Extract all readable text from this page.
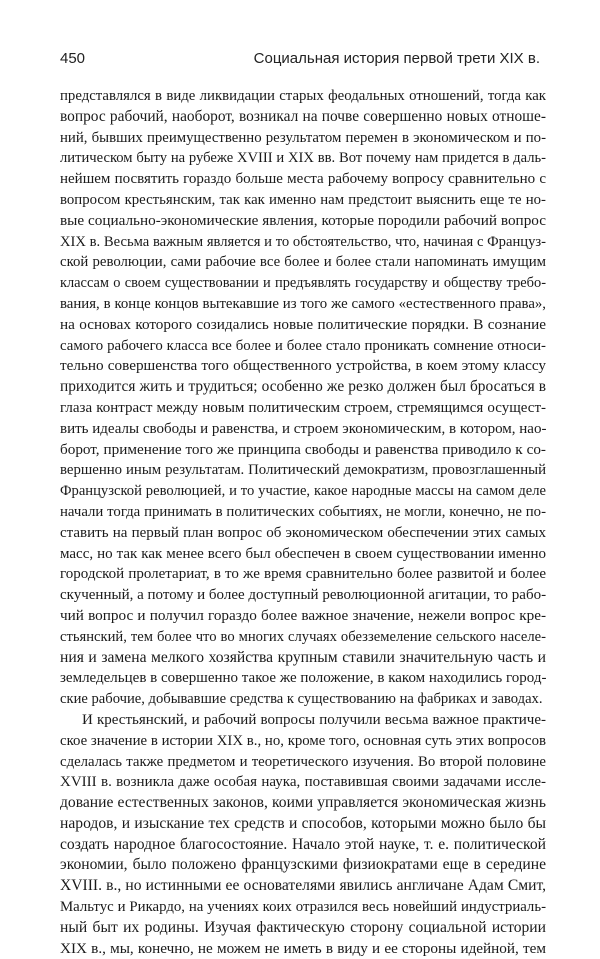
450	Социальная история первой трети XIX в.
представлялся в виде ликвидации старых феодальных отношений, тогда как
вопрос рабочий, наоборот, возникал на почве совершенно новых отноше-
ний, бывших преимущественно результатом перемен в экономическом и по-
литическом быту на рубеже XVIII и XIX вв. Вот почему нам придется в даль-
нейшем посвятить гораздо больше места рабочему вопросу сравнительно с
вопросом крестьянским, так как именно нам предстоит выяснить еще те но-
вые социально-экономические явления, которые породили рабочий вопрос
XIX в. Весьма важным является и то обстоятельство, что, начиная с Француз-
ской революции, сами рабочие все более и более стали напоминать имущим
классам о своем существовании и предъявлять государству и обществу требо-
вания, в конце концов вытекавшие из того же самого «естественного права»,
на основах которого созидались новые политические порядки. В сознание
самого рабочего класса все более и более стало проникать сомнение относи-
тельно совершенства того общественного устройства, в коем этому классу
приходится жить и трудиться; особенно же резко должен был бросаться в
глаза контраст между новым политическим строем, стремящимся осущест-
вить идеалы свободы и равенства, и строем экономическим, в котором, нао-
борот, применение того же принципа свободы и равенства приводило к со-
вершенно иным результатам. Политический демократизм, провозглашенный
Французской революцией, и то участие, какое народные массы на самом деле
начали тогда принимать в политических событиях, не могли, конечно, не по-
ставить на первый план вопрос об экономическом обеспечении этих самых
масс, но так как менее всего был обеспечен в своем существовании именно
городской пролетариат, в то же время сравнительно более развитой и более
скученный, а потому и более доступный революционной агитации, то рабо-
чий вопрос и получил гораздо более важное значение, нежели вопрос кре-
стьянский, тем более что во многих случаях обезземеление сельского населе-
ния и замена мелкого хозяйства крупным ставили значительную часть и
земледельцев в совершенно такое же положение, в каком находились город-
ские рабочие, добывавшие средства к существованию на фабриках и заводах.
И крестьянский, и рабочий вопросы получили весьма важное практиче-
ское значение в истории XIX в., но, кроме того, основная суть этих вопросов
сделалась также предметом и теоретического изучения. Во второй половине
XVIII в. возникла даже особая наука, поставившая своими задачами иссле-
дование естественных законов, коими управляется экономическая жизнь
народов, и изыскание тех средств и способов, которыми можно было бы
создать народное благосостояние. Начало этой науке, т. е. политической
экономии, было положено французскими физиократами еще в середине
XVIII. в., но истинными ее основателями явились англичане Адам Смит,
Мальтус и Рикардо, на учениях коих отразился весь новейший индустриаль-
ный быт их родины. Изучая фактическую сторону социальной истории
XIX в., мы, конечно, не можем не иметь в виду и ее стороны идейной, тем
